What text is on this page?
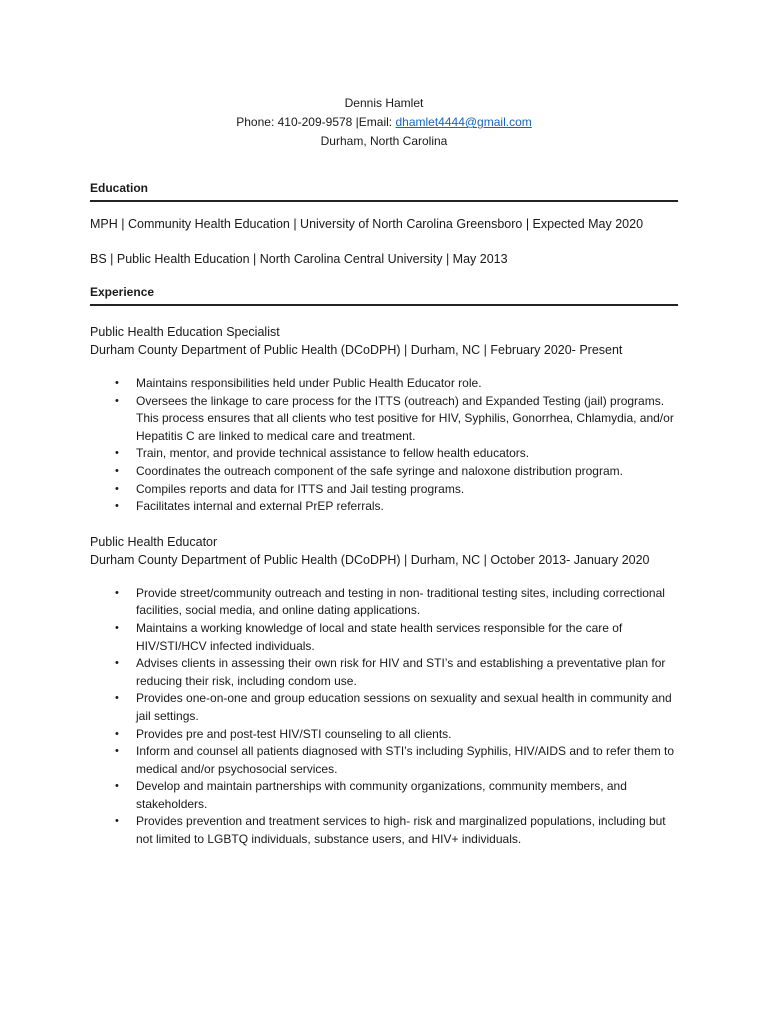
Dennis Hamlet
Phone: 410-209-9578 |Email: dhamlet4444@gmail.com
Durham, North Carolina
Education
MPH | Community Health Education | University of North Carolina Greensboro | Expected May 2020
BS | Public Health Education | North Carolina Central University | May 2013
Experience
Public Health Education Specialist
Durham County Department of Public Health (DCoDPH) | Durham, NC | February 2020- Present
• Maintains responsibilities held under Public Health Educator role.
• Oversees the linkage to care process for the ITTS (outreach) and Expanded Testing (jail) programs. This process ensures that all clients who test positive for HIV, Syphilis, Gonorrhea, Chlamydia, and/or Hepatitis C are linked to medical care and treatment.
• Train, mentor, and provide technical assistance to fellow health educators.
• Coordinates the outreach component of the safe syringe and naloxone distribution program.
• Compiles reports and data for ITTS and Jail testing programs.
• Facilitates internal and external PrEP referrals.
Public Health Educator
Durham County Department of Public Health (DCoDPH) | Durham, NC | October 2013- January 2020
• Provide street/community outreach and testing in non- traditional testing sites, including correctional facilities, social media, and online dating applications.
• Maintains a working knowledge of local and state health services responsible for the care of HIV/STI/HCV infected individuals.
• Advises clients in assessing their own risk for HIV and STI’s and establishing a preventative plan for reducing their risk, including condom use.
• Provides one-on-one and group education sessions on sexuality and sexual health in community and jail settings.
• Provides pre and post-test HIV/STI counseling to all clients.
• Inform and counsel all patients diagnosed with STI’s including Syphilis, HIV/AIDS and to refer them to medical and/or psychosocial services.
• Develop and maintain partnerships with community organizations, community members, and stakeholders.
• Provides prevention and treatment services to high- risk and marginalized populations, including but not limited to LGBTQ individuals, substance users, and HIV+ individuals.
